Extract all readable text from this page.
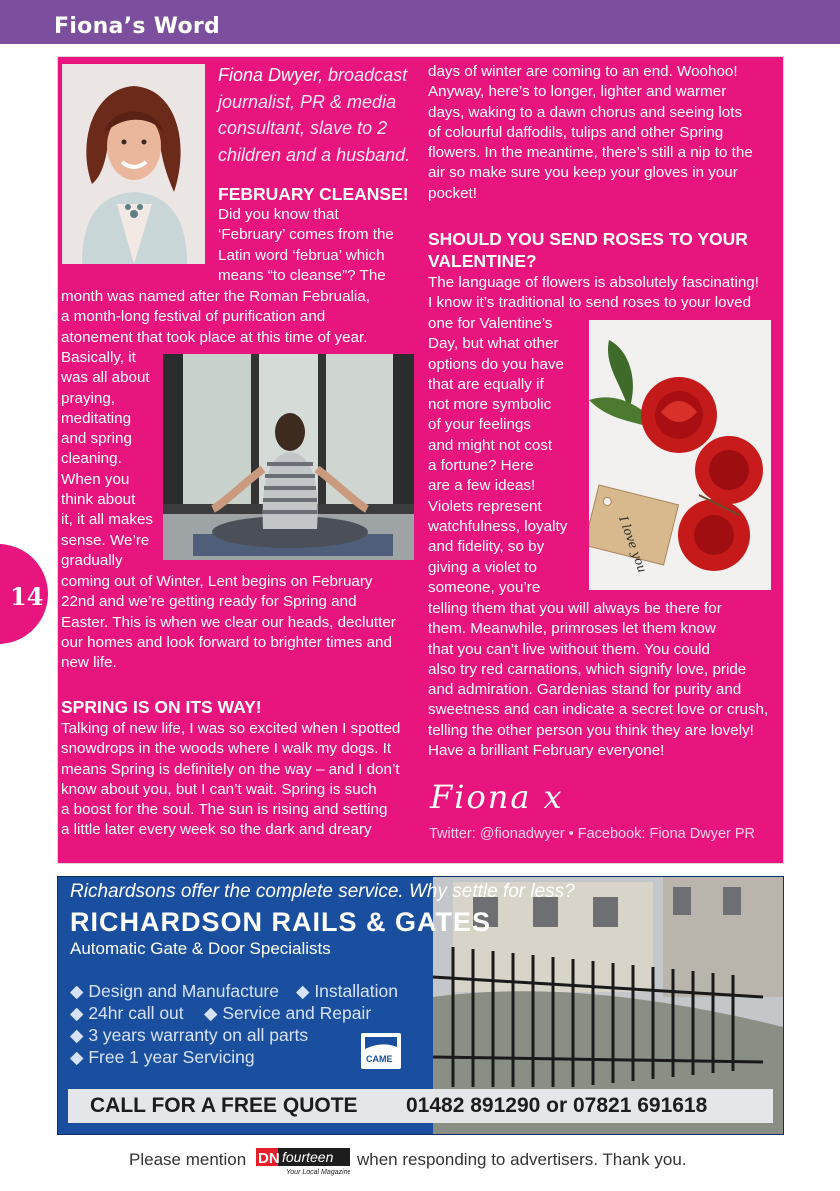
Fiona’s Word
14
Fiona Dwyer, broadcast
journalist, PR & media
consultant, slave to 2
children and a husband.
FEBRUARY CLEANSE!
Did you know that
‘February’ comes from the
Latin word ‘februa’ which
means “to cleanse”? The
month was named after the Roman Februalia,
a month-long festival of purification and
atonement that took place at this time of year.
Basically, it
was all about
praying,
meditating
and spring
cleaning.
When you
think about
it, it all makes
sense. We’re
gradually
coming out of Winter, Lent begins on February
22nd and we’re getting ready for Spring and
Easter. This is when we clear our heads, declutter
our homes and look forward to brighter times and
new life.
SPRING IS ON ITS WAY!
Talking of new life, I was so excited when I spotted
snowdrops in the woods where I walk my dogs. It
means Spring is definitely on the way – and I don’t
know about you, but I can’t wait. Spring is such
a boost for the soul. The sun is rising and setting
a little later every week so the dark and dreary
days of winter are coming to an end. Woohoo!
Anyway, here’s to longer, lighter and warmer
days, waking to a dawn chorus and seeing lots
of colourful daffodils, tulips and other Spring
flowers. In the meantime, there’s still a nip to the
air so make sure you keep your gloves in your
pocket!
SHOULD YOU SEND ROSES TO YOUR
VALENTINE?
The language of flowers is absolutely fascinating!
I know it’s traditional to send roses to your loved
one for Valentine’s
Day, but what other
options do you have
that are equally if
not more symbolic
of your feelings
and might not cost
a fortune? Here
are a few ideas!
Violets represent
watchfulness, loyalty
and fidelity, so by
giving a violet to
someone, you’re
I love you
telling them that you will always be there for
them. Meanwhile, primroses let them know
that you can’t live without them. You could
also try red carnations, which signify love, pride
and admiration. Gardenias stand for purity and
sweetness and can indicate a secret love or crush,
telling the other person you think they are lovely!
Have a brilliant February everyone!
Fiona x
Twitter: @fionadwyer • Facebook: Fiona Dwyer PR
Richardsons offer the complete service. Why settle for less?
RICHARDSON RAILS & GATES
Automatic Gate & Door Specialists
◆ Design and Manufacture ◆ Installation
◆ 24hr call out ◆ Service and Repair
◆ 3 years warranty on all parts
◆ Free 1 year Servicing	CAME
CALL FOR A FREE QUOTE 01482 891290 or 07821 691618
Please mention DN fourteen
Your Local Magazine
when responding to advertisers. Thank you.
